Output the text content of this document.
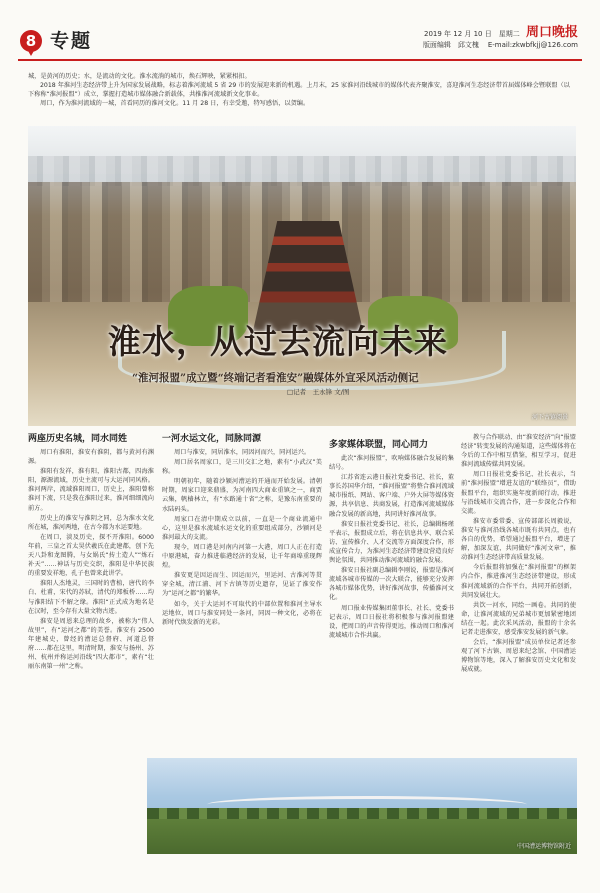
8 专题	2019 年 12 月 10 日　星期二 周口晚报
版面编辑　邱文槐 E-mail:zkwbfkjj@126.com
城，是黄河的历史；水，是流动的文化。淮水流淌的城市，焕石辉映，紧紧相扣。
2018 年淮河生态经济带上升为国家发展战略，标志着淮河流域 5 省 29 市的发展迎来新的机遇。上月末，25 家淮河沿线城市的媒体代表齐聚淮安，喜迎淮河生态经济带首届媒体峰会暨联盟（以下称称“淮河报盟”）成立，掌握打造城市媒体融合新载体，共推淮河流域新文化事业。
周口，作为淮河流域的一城，首看同历的淮河文化。11 月 28 日，有幸受邀，特写感悟，以贺编。
河下古镇阅景
淮水，从过去流向未来
“淮河报盟”成立暨“终端记者看淮安”融媒体外宣采风活动侧记
□记者　王永锋 文/图
两座历史名城，同水同姓

周口有淮阳，淮安有淮阴，都与黄河有渊源。

淮阳有发祥，淮有阳，淮阳古都，四海淮阳，源源流域，历史主流可与大运河同风格。淮河两岸，流域淮阳周口，历史上，淮阳曾称淮河下流，只是我在淮阳过来，淮河细细流向前方。

历史上的淮安与淮阴之同，总为淮水文化所在城，淮河两地，在古今都为水运要地。

在周口，淡及历史，探不开淮阳。6000 年前，三皇之首太昊伏羲氏在此建都，创下先天八卦和龙图腾，与女娲氏“抟土造人”“炼石补天”……神话与历史交织，淮阳是中华民族的重要发祥地，孔子也曾来此讲学。

淮阳人杰地灵，三国时的曹植，唐代的李白、杜甫，宋代的苏轼，清代的郑板桥……均与淮阳结下不解之缘。淮阳“正式成为地名是在汉时，至今存有大量文物古迹。

淮安是周恩来总理的故乡，被称为“伟人故里”，有“运河之都”的美誉。淮安有 2500 年建城史，曾经的漕运总督府、河道总督府……都在这里，明清时期，淮安与扬州、苏州、杭州并称运河沿线“四大都市”，素有“壮丽东南第一州”之称。

一河水运文化，同脉同源

周口与淮安，同居淮水，同因河而兴，同河运兴。

周口居名周家口，是三川交汇之地，素有“小武汉”美称。

明朝初年，随着沙颍河漕运的开通而开始发展。清朝时期，周家口迎来鼎盛，为河南四大商业重镇之一，商贾云集，帆樯林立，有“水路通十省”之称，是豫东南重要的水陆码头。

周家口在清中期成立以前，一直是一个商业流通中心，这里是淮水流域水运文化的重要组成部分，沙颍河是淮河最大的支流。

现今，周口港是河南内河第一大港，周口人正在打造中原港城，奋力推进临港经济的发展，让千年商埠重现辉煌。

淮安更是因运而生、因运而兴，里运河、古淮河等贯穿全城，清江浦、河下古镇等历史遗存，见证了淮安作为“运河之都”的繁华。

如今，关于大运河不可取代的中部位置和淮河主导水运地位，周口与淮安同处一条河，同因一种文化，必将在新时代焕发新的光彩。

多家媒体联盟，同心同力

此次“淮河报盟”，吹响媒体融合发展的集结号。

江苏省连云港日报社党委书记、社长，董事长苏国华介绍，“淮河报盟”将整合淮河流域城市报纸、网站、客户端、户外大屏等媒体资源，共享信息、共商发展，打造淮河流域媒体融合发展的新高地，共同讲好淮河故事。

淮安日报社党委书记、社长，总编辑杨瑾平表示，报盟成立后，将在信息共享、联合采访、宣传推介、人才交流等方面深度合作，形成宣传合力，为淮河生态经济带建设营造良好舆论氛围，共同推动淮河流域的融合发展。

淮安日报社副总编辑李刚说，报盟是淮河流域各城市传媒的一次大联合，能够充分发挥各城市媒体优势，讲好淮河故事，传播淮河文化。

周口报业传媒集团董事长、社长、党委书记表示，周口日报社将积极参与淮河报盟建设，把周口的声音传得更远，推动周口和淮河流域城市合作共赢。

教与合作联动、由“淮安经济”向“报盟经济”转变发展的沟通渠道，这些媒体将在今后的工作中相互借鉴，相互学习，促进淮河流域传媒共同发展。

周口日报社党委书记、社长表示，当前“淮河报盟”增进友谊的“联络员”，借助报盟平台，组织实施年度新闻行动，推进与沿线城市交流合作，进一步深化合作和交流。

淮安市委常委、宣传部部长周毅说，淮安与淮河沿线各城市既有共同点，也有各自的优势，希望通过报盟平台，增进了解，加深友谊，共同做好“淮河文章”，推动淮河生态经济带高质量发展。

今后报盟将加强在“淮河报盟”的框架内合作，推进淮河生态经济带建设，形成淮河流域新的合作平台，共同开拓创新，共同发展壮大。

共饮一河水，同绘一画卷。共同的使命，让淮河流域的兄弟城市更加紧密地团结在一起。此次采风活动，报盟的十余名记者走进淮安，感受淮安发展的新气象。

会后，“淮河报盟”成员单位记者还参观了河下古镇、周恩来纪念馆、中国漕运博物馆等地，深入了解淮安历史文化和发展成就。

中国漕运博物馆附近
